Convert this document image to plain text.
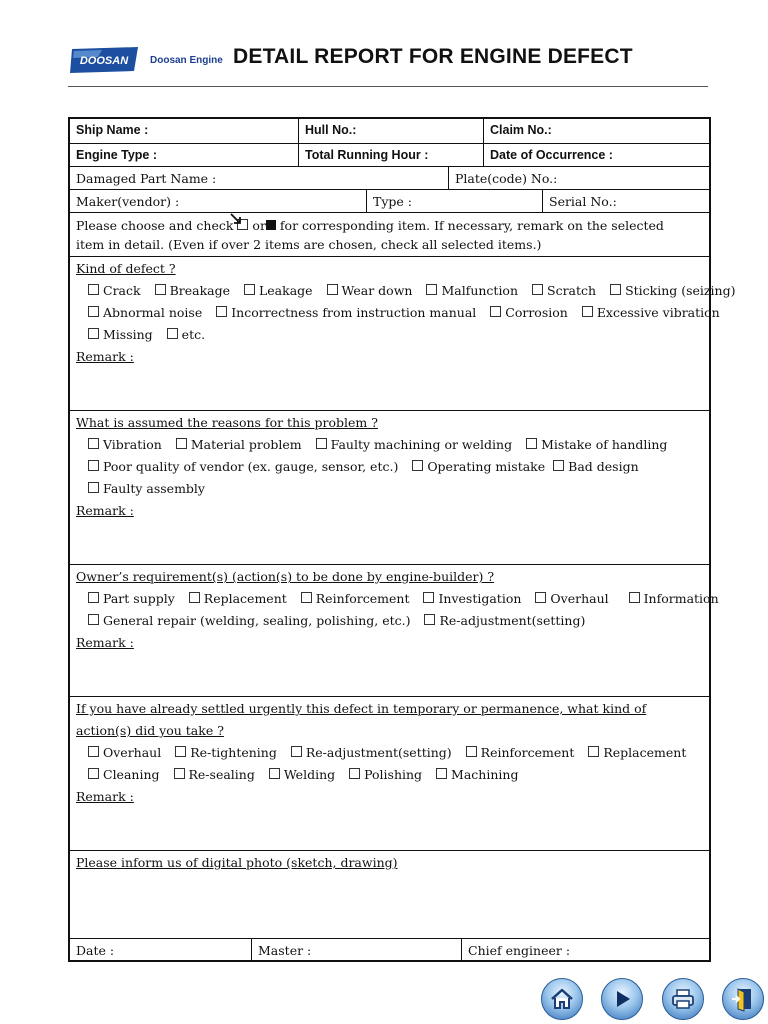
DOOSAN Doosan Engine DETAIL REPORT FOR ENGINE DEFECT
Ship Name :	Hull No.:	Claim No.:
Engine Type :	Total Running Hour :	Date of Occurrence :
Damaged Part Name :	Plate(code) No.:
Maker(vendor) :	Type :	Serial No.:
Please choose and check or for corresponding item. If necessary, remark on the selected
item in detail. (Even if over 2 items are chosen, check all selected items.)
Kind of defect ?
Crack Breakage Leakage Wear down Malfunction Scratch Sticking (seizing)
Abnormal noise Incorrectness from instruction manual Corrosion Excessive vibration
Missing etc.
Remark :
What is assumed the reasons for this problem ?
Vibration Material problem Faulty machining or welding Mistake of handling
Poor quality of vendor (ex. gauge, sensor, etc.) Operating mistake Bad design
Faulty assembly
Remark :
Owner’s requirement(s) (action(s) to be done by engine-builder) ?
Part supply Replacement Reinforcement Investigation Overhaul	Information
General repair (welding, sealing, polishing, etc.) Re-adjustment(setting)
Remark :
If you have already settled urgently this defect in temporary or permanence, what kind of
action(s) did you take ?
Overhaul Re-tightening Re-adjustment(setting) Reinforcement Replacement
Cleaning Re-sealing Welding Polishing Machining
Remark :
Please inform us of digital photo (sketch, drawing)
Date :	Master :	Chief engineer :
